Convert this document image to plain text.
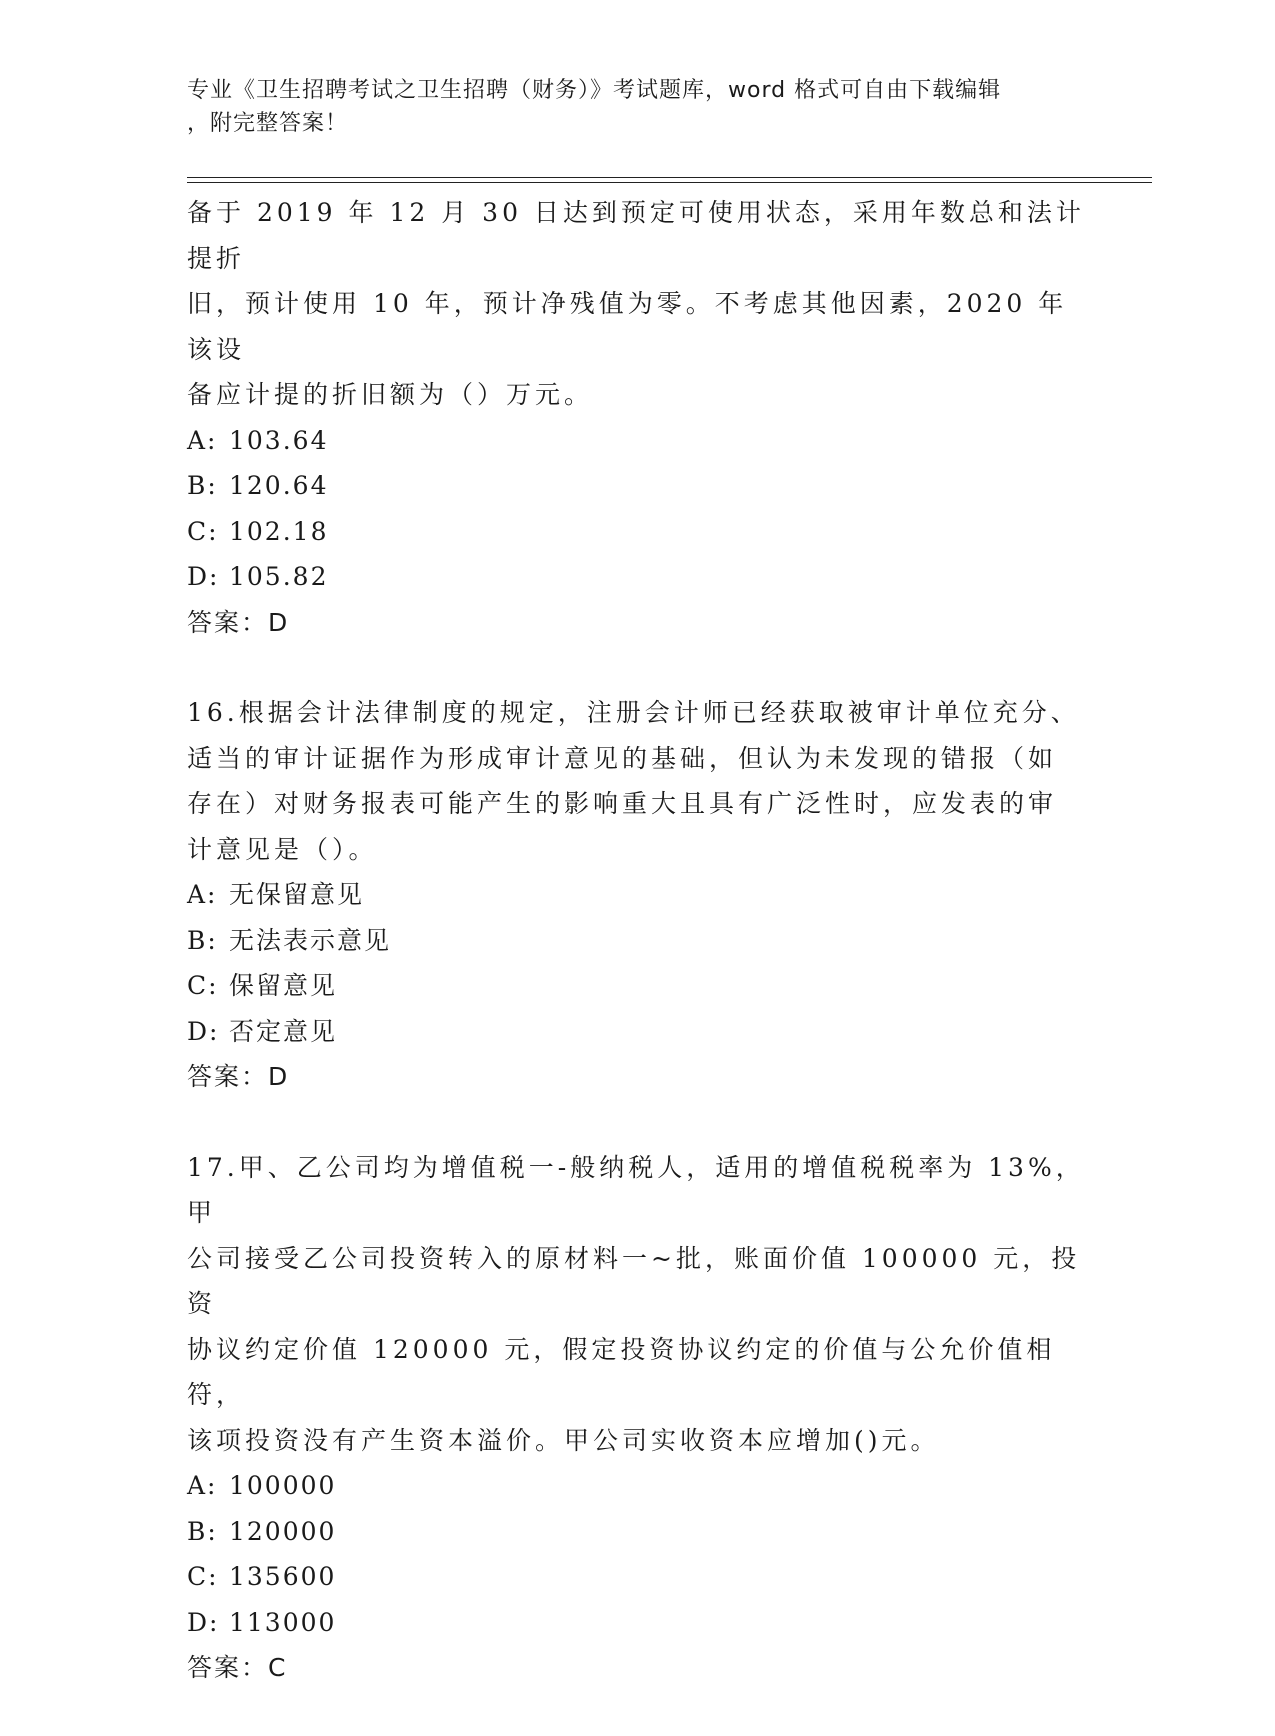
专业《卫生招聘考试之卫生招聘（财务）》考试题库，word 格式可自由下载编辑
，附完整答案！

备于 2019 年 12 月 30 日达到预定可使用状态，采用年数总和法计提折

旧，预计使用 10 年，预计净残值为零。不考虑其他因素，2020 年该设

备应计提的折旧额为（）万元。

A: 103.64

B: 120.64

C: 102.18

D: 105.82

答案：D

16.根据会计法律制度的规定，注册会计师已经获取被审计单位充分、

适当的审计证据作为形成审计意见的基础，但认为未发现的错报（如

存在）对财务报表可能产生的影响重大且具有广泛性时，应发表的审

计意见是（）。

A: 无保留意见

B: 无法表示意见

C: 保留意见

D: 否定意见

答案：D

17.甲、乙公司均为增值税一-般纳税人，适用的增值税税率为 13%，甲

公司接受乙公司投资转入的原材料一~批，账面价值 100000 元，投资

协议约定价值 120000 元，假定投资协议约定的价值与公允价值相符，

该项投资没有产生资本溢价。甲公司实收资本应增加()元。

A: 100000

B: 120000

C: 135600

D: 113000

答案：C
